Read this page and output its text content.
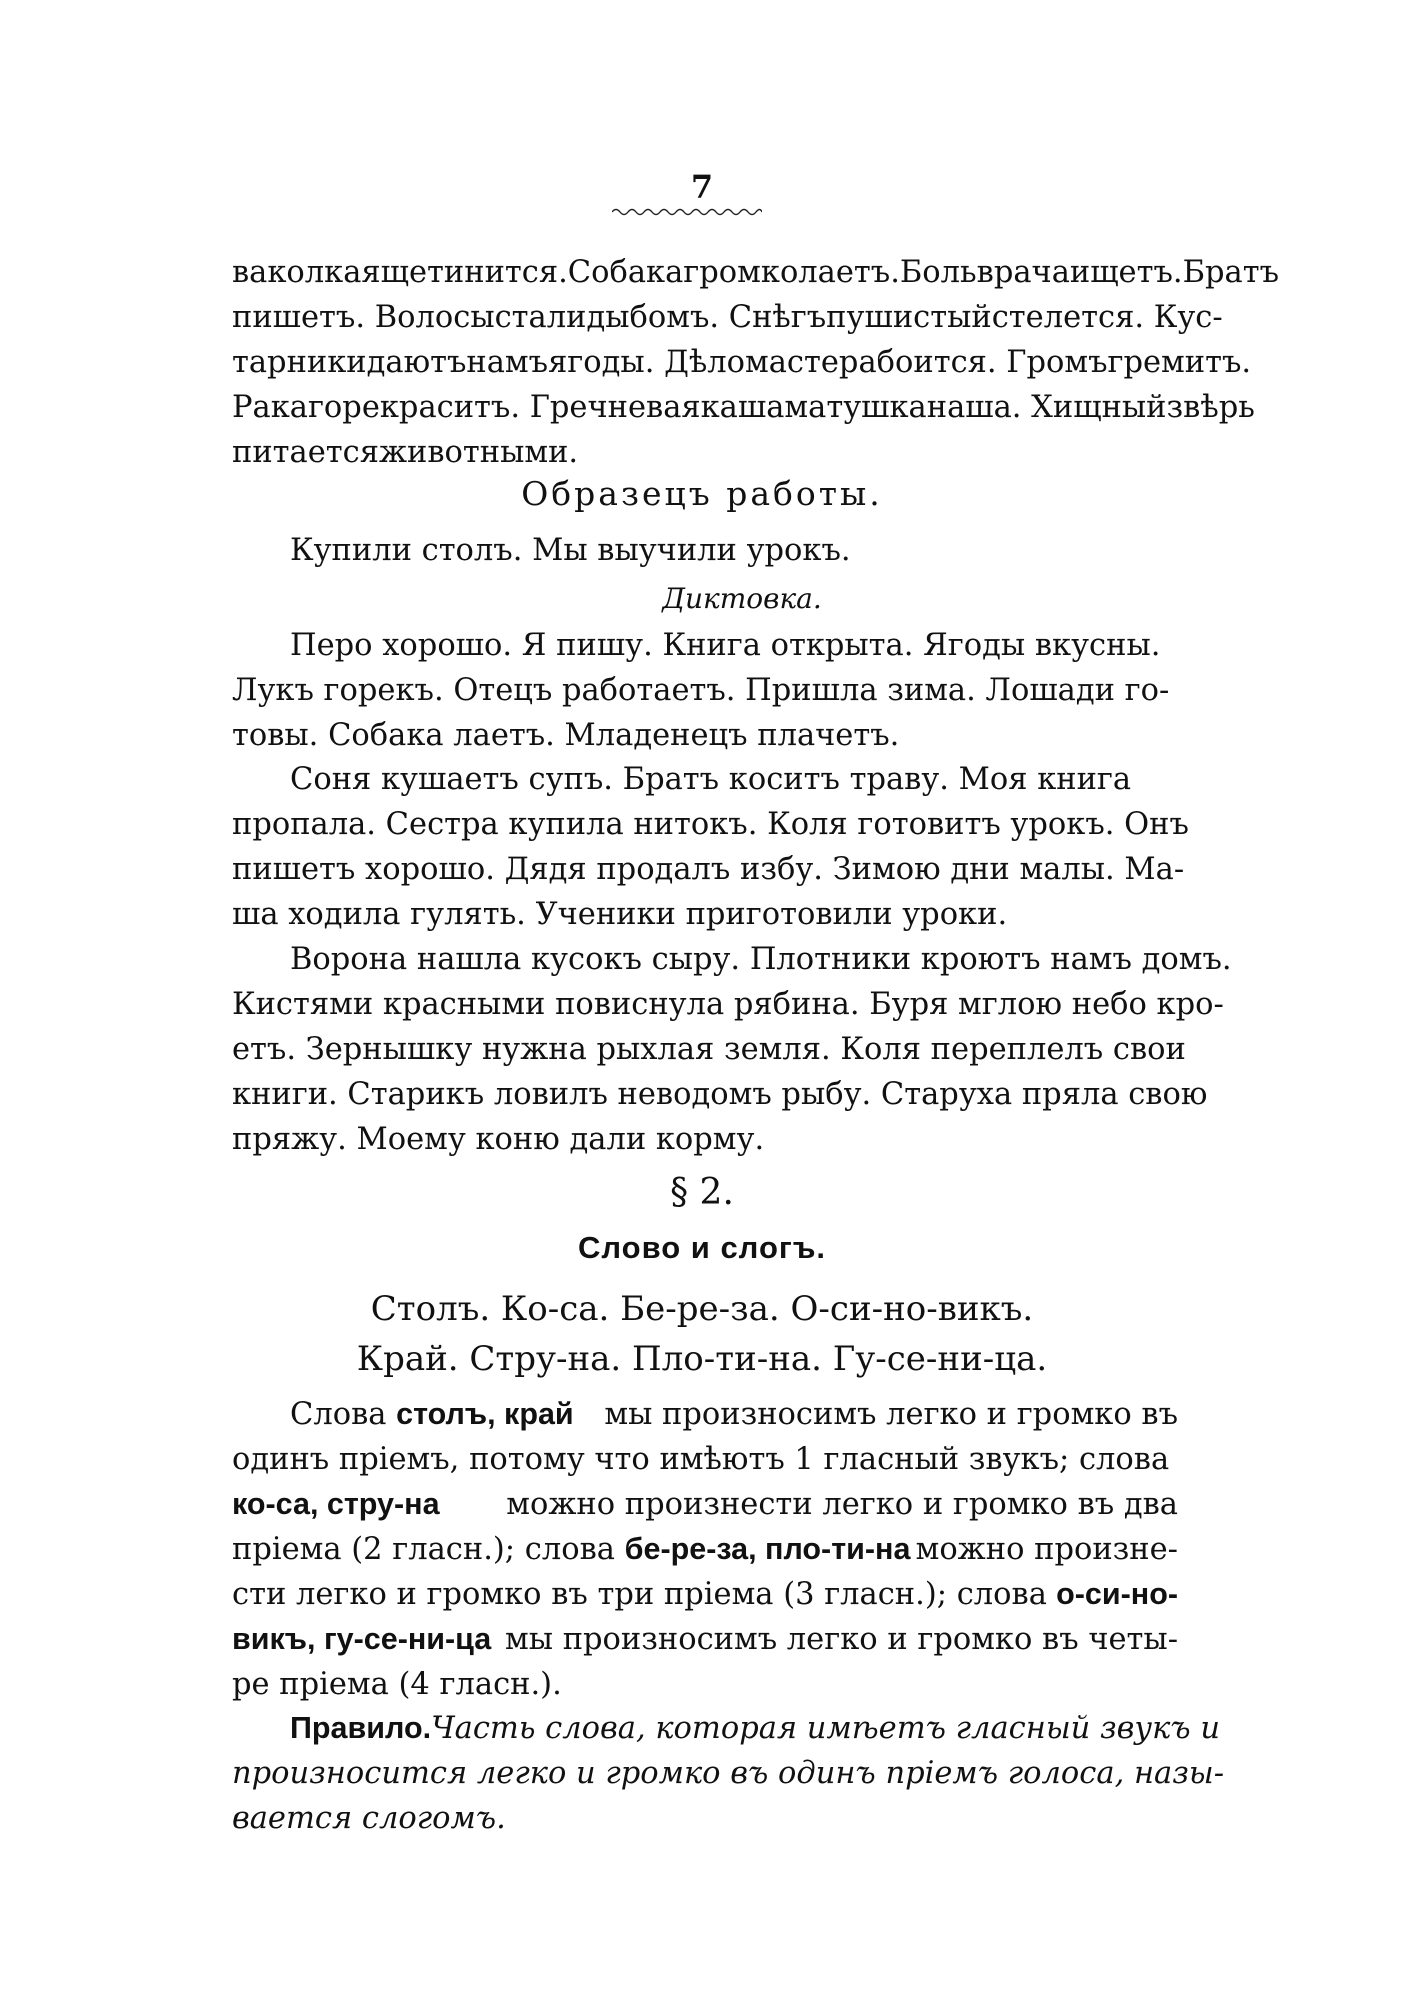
7
ваколкаящетинится.Собакагромколаетъ.Больврачаищетъ.Братъ
пишетъ. Волосысталидыбомъ. Снѣгъпушистыйстелется. Кус-
тарникидаютънамъягоды. Дѣломастерабоится. Громъгремитъ.
Ракагорекраситъ. Гречневаякашаматушканаша. Хищныйзвѣрь
питаетсяживотными.
Образецъ работы.
Купили столъ. Мы выучили урокъ.
Диктовка.
Перо хорошо. Я пишу. Книга открыта. Ягоды вкусны.
Лукъ горекъ. Отецъ работаетъ. Пришла зима. Лошади го-
товы. Собака лаетъ. Младенецъ плачетъ.
Соня кушаетъ супъ. Братъ коситъ траву. Моя книга
пропала. Сестра купила нитокъ. Коля готовитъ урокъ. Онъ
пишетъ хорошо. Дядя продалъ избу. Зимою дни малы. Ма-
ша ходила гулять. Ученики приготовили уроки.
Ворона нашла кусокъ сыру. Плотники кроютъ намъ домъ.
Кистями красными повиснула рябина. Буря мглою небо кро-
етъ. Зернышку нужна рыхлая земля. Коля переплелъ свои
книги. Старикъ ловилъ неводомъ рыбу. Старуха пряла свою
пряжу. Моему коню дали корму.
§ 2.
Слово и слогъ.
Столъ. Ко-са. Бе-ре-за. О-си-но-викъ.
Край. Стру-на. Пло-ти-на. Гу-се-ни-ца.
Слова столъ, край мы произносимъ легко и громко въ
одинъ пріемъ, потому что имѣютъ 1 гласный звукъ; слова
ко-са, стру-на можно произнести легко и громко въ два
пріема (2 гласн.); слова бе-ре-за, пло-ти-на можно произне-
сти легко и громко въ три пріема (3 гласн.); слова о-си-но-
викъ, гу-се-ни-ца мы произносимъ легко и громко въ четы-
ре пріема (4 гласн.).
Правило. Часть слова, которая имѣетъ гласный звукъ и
произносится легко и громко въ одинъ пріемъ голоса, назы-
вается слогомъ.
